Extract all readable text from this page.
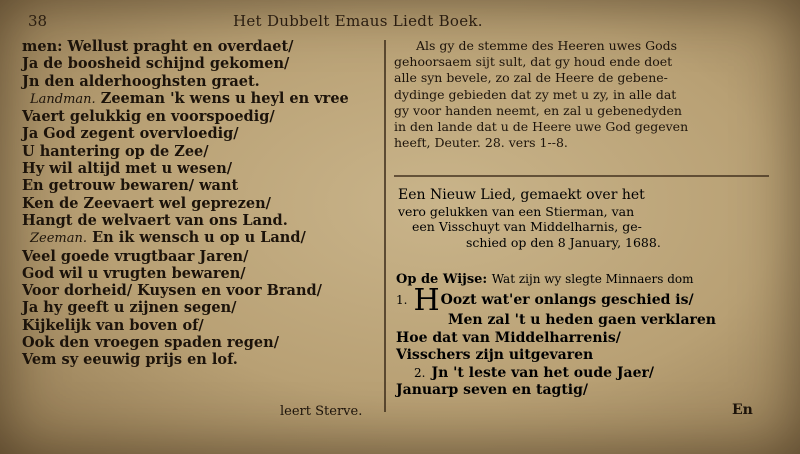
38	Het Dubbelt Emaus Liedt Boek.
men: Wellust praght en overdaet/
Ja de boosheid schijnd gekomen/
Jn den alderhooghsten graet.
Landman. Zeeman 'k wens u heyl en vree
Vaert gelukkig en voorspoedig/
Ja God zegent overvloedig/
U hantering op de Zee/
Hy wil altijd met u wesen/
En getrouw bewaren/ want
Ken de Zeevaert wel geprezen/
Hangt de welvaert van ons Land.
Zeeman. En ik wensch u op u Land/
Veel goede vrugtbaar Jaren/
God wil u vrugten bewaren/
Voor dorheid/ Kuysen en voor Brand/
Ja hy geeft u zijnen segen/
Kijkelijk van boven of/
Ook den vroegen spaden regen/
Vem sy eeuwig prijs en lof.
leert Sterve.
Als gy de stemme des Heeren uwes Gods
gehoorsaem sijt sult, dat gy houd ende doet
alle syn bevele, zo zal de Heere de gebene-
dydinge gebieden dat zy met u zy, in alle dat
gy voor handen neemt, en zal u gebenedyden
in den lande dat u de Heere uwe God gegeven
heeft, Deuter. 28. vers 1--8.
Een Nieuw Lied, gemaekt over het
vero gelukken van een Stierman, van
een Visschuyt van Middelharnis, ge-
schied op den 8 January, 1688.
Op de Wijse: Wat zijn wy slegte Minnaers dom
1. HOozt wat'er onlangs geschied is/
Men zal 't u heden gaen verklaren
Hoe dat van Middelharrenis/
Visschers zijn uitgevaren
2. Jn 't leste van het oude Jaer/
Januarp seven en tagtig/
En
